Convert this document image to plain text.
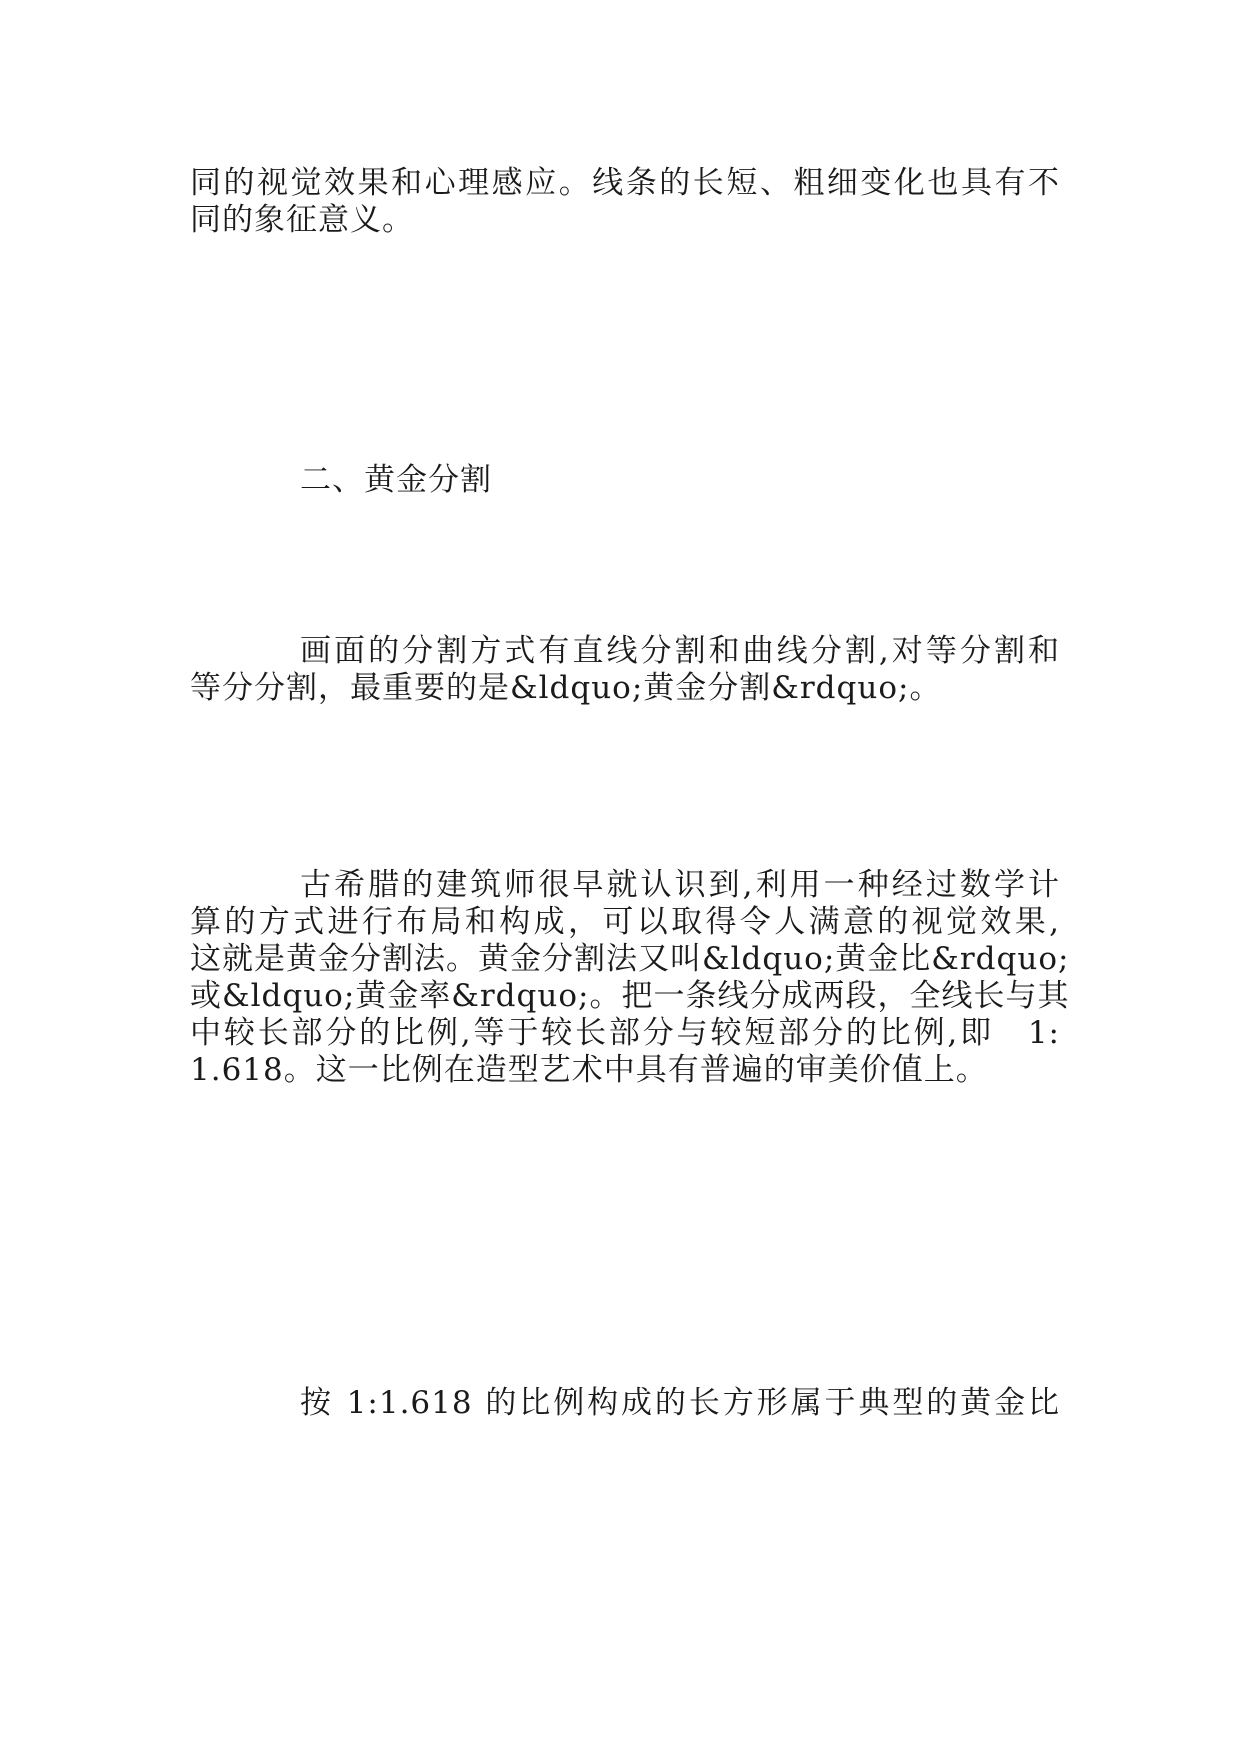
同的视觉效果和心理感应。线条的长短、粗细变化也具有不
同的象征意义。
二、黄金分割
画面的分割方式有直线分割和曲线分割,对等分割和
等分分割，最重要的是&ldquo;黄金分割&rdquo;。
古希腊的建筑师很早就认识到,利用一种经过数学计
算的方式进行布局和构成，可以取得令人满意的视觉效果,
这就是黄金分割法。黄金分割法又叫&ldquo;黄金比&rdquo;
或&ldquo;黄金率&rdquo;。把一条线分成两段，全线长与其
中较长部分的比例,等于较长部分与较短部分的比例,即　1:
1.618。这一比例在造型艺术中具有普遍的审美价值上。
按 1:1.618 的比例构成的长方形属于典型的黄金比
